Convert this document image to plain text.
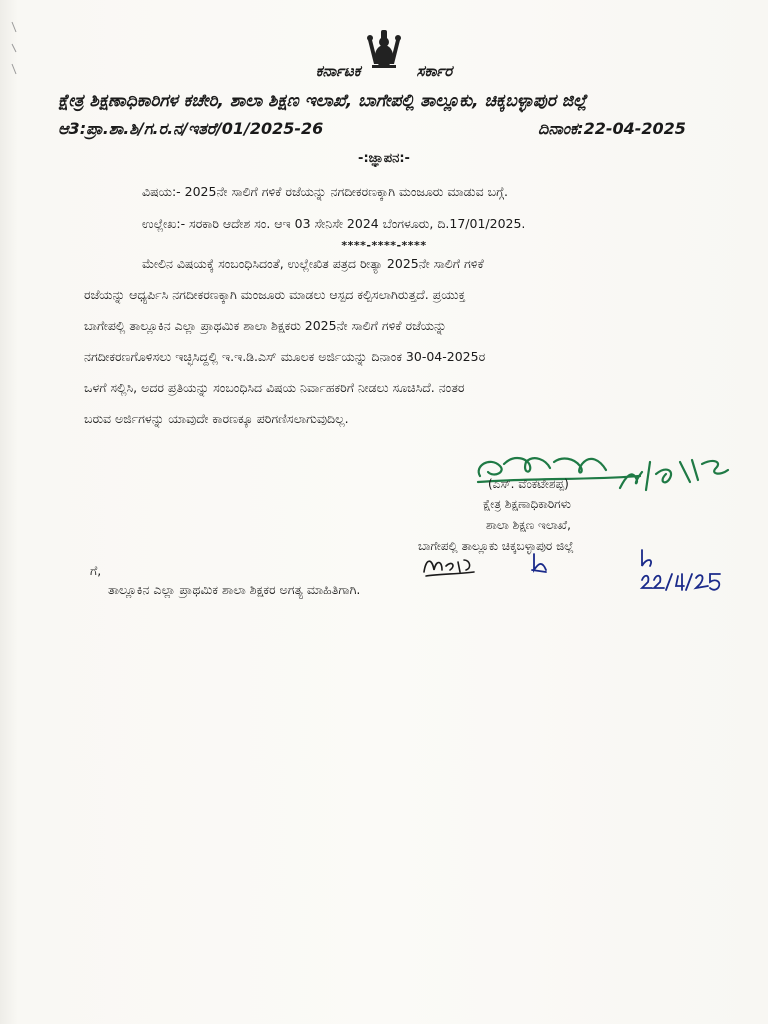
ಕರ್ನಾಟಕ	ಸರ್ಕಾರ
ಕ್ಷೇತ್ರ ಶಿಕ್ಷಣಾಧಿಕಾರಿಗಳ ಕಚೇರಿ, ಶಾಲಾ ಶಿಕ್ಷಣ ಇಲಾಖೆ, ಬಾಗೇಪಲ್ಲಿ ತಾಲ್ಲೂಕು, ಚಿಕ್ಕಬಳ್ಳಾಪುರ ಜಿಲ್ಲೆ
ಆ3:ಪ್ರಾ.ಶಾ.ಶಿ/ಗ.ರ.ನ/ಇತರೆ/01/2025-26	ದಿನಾಂಕ:22-04-2025
-:ಜ್ಞಾಪನ:-
ವಿಷಯ:- 2025ನೇ ಸಾಲಿಗೆ ಗಳಿಕೆ ರಜೆಯನ್ನು ನಗದೀಕರಣಕ್ಕಾಗಿ ಮಂಜೂರು ಮಾಡುವ ಬಗ್ಗೆ.
ಉಲ್ಲೇಖ:- ಸರಕಾರಿ ಆದೇಶ ಸಂ. ಆಇ 03 ಸೇನಿಸೇ 2024 ಬೆಂಗಳೂರು, ದಿ.17/01/2025.
****-****-****
ಮೇಲಿನ ವಿಷಯಕ್ಕೆ ಸಂಬಂಧಿಸಿದಂತೆ, ಉಲ್ಲೇಖಿತ ಪತ್ರದ ರೀತ್ಯಾ 2025ನೇ ಸಾಲಿಗೆ ಗಳಿಕೆ
ರಜೆಯನ್ನು ಆಧ್ಯರ್ಪಿಸಿ ನಗದೀಕರಣಕ್ಕಾಗಿ ಮಂಜೂರು ಮಾಡಲು ಆಸ್ಪದ ಕಲ್ಪಿಸಲಾಗಿರುತ್ತದೆ. ಪ್ರಯುಕ್ತ
ಬಾಗೇಪಲ್ಲಿ ತಾಲ್ಲೂಕಿನ ಎಲ್ಲಾ ಪ್ರಾಥಮಿಕ ಶಾಲಾ ಶಿಕ್ಷಕರು 2025ನೇ ಸಾಲಿಗೆ ಗಳಿಕೆ ರಜೆಯನ್ನು
ನಗದೀಕರಣಗೊಳಿಸಲು ಇಚ್ಛಿಸಿದ್ದಲ್ಲಿ ಇ.ಇ.ಡಿ.ಎಸ್ ಮೂಲಕ ಅರ್ಜಿಯನ್ನು ದಿನಾಂಕ 30-04-2025ರ
ಒಳಗೆ ಸಲ್ಲಿಸಿ, ಅದರ ಪ್ರತಿಯನ್ನು ಸಂಬಂಧಿಸಿದ ವಿಷಯ ನಿರ್ವಾಹಕರಿಗೆ ನೀಡಲು ಸೂಚಿಸಿದೆ. ನಂತರ
ಬರುವ ಅರ್ಜಿಗಳನ್ನು ಯಾವುದೇ ಕಾರಣಕ್ಕೂ ಪರಿಗಣಿಸಲಾಗುವುದಿಲ್ಲ.
(ಎಸ್. ವೆಂಕಟೇಶಪ್ಪ)
ಕ್ಷೇತ್ರ ಶಿಕ್ಷಣಾಧಿಕಾರಿಗಳು
ಶಾಲಾ ಶಿಕ್ಷಣ ಇಲಾಖೆ,
ಬಾಗೇಪಲ್ಲಿ ತಾಲ್ಲೂಕು ಚಿಕ್ಕಬಳ್ಳಾಪುರ ಜಿಲ್ಲೆ
ಗೆ,
ತಾಲ್ಲೂಕಿನ ಎಲ್ಲಾ ಪ್ರಾಥಮಿಕ ಶಾಲಾ ಶಿಕ್ಷಕರ ಅಗತ್ಯ ಮಾಹಿತಿಗಾಗಿ.
